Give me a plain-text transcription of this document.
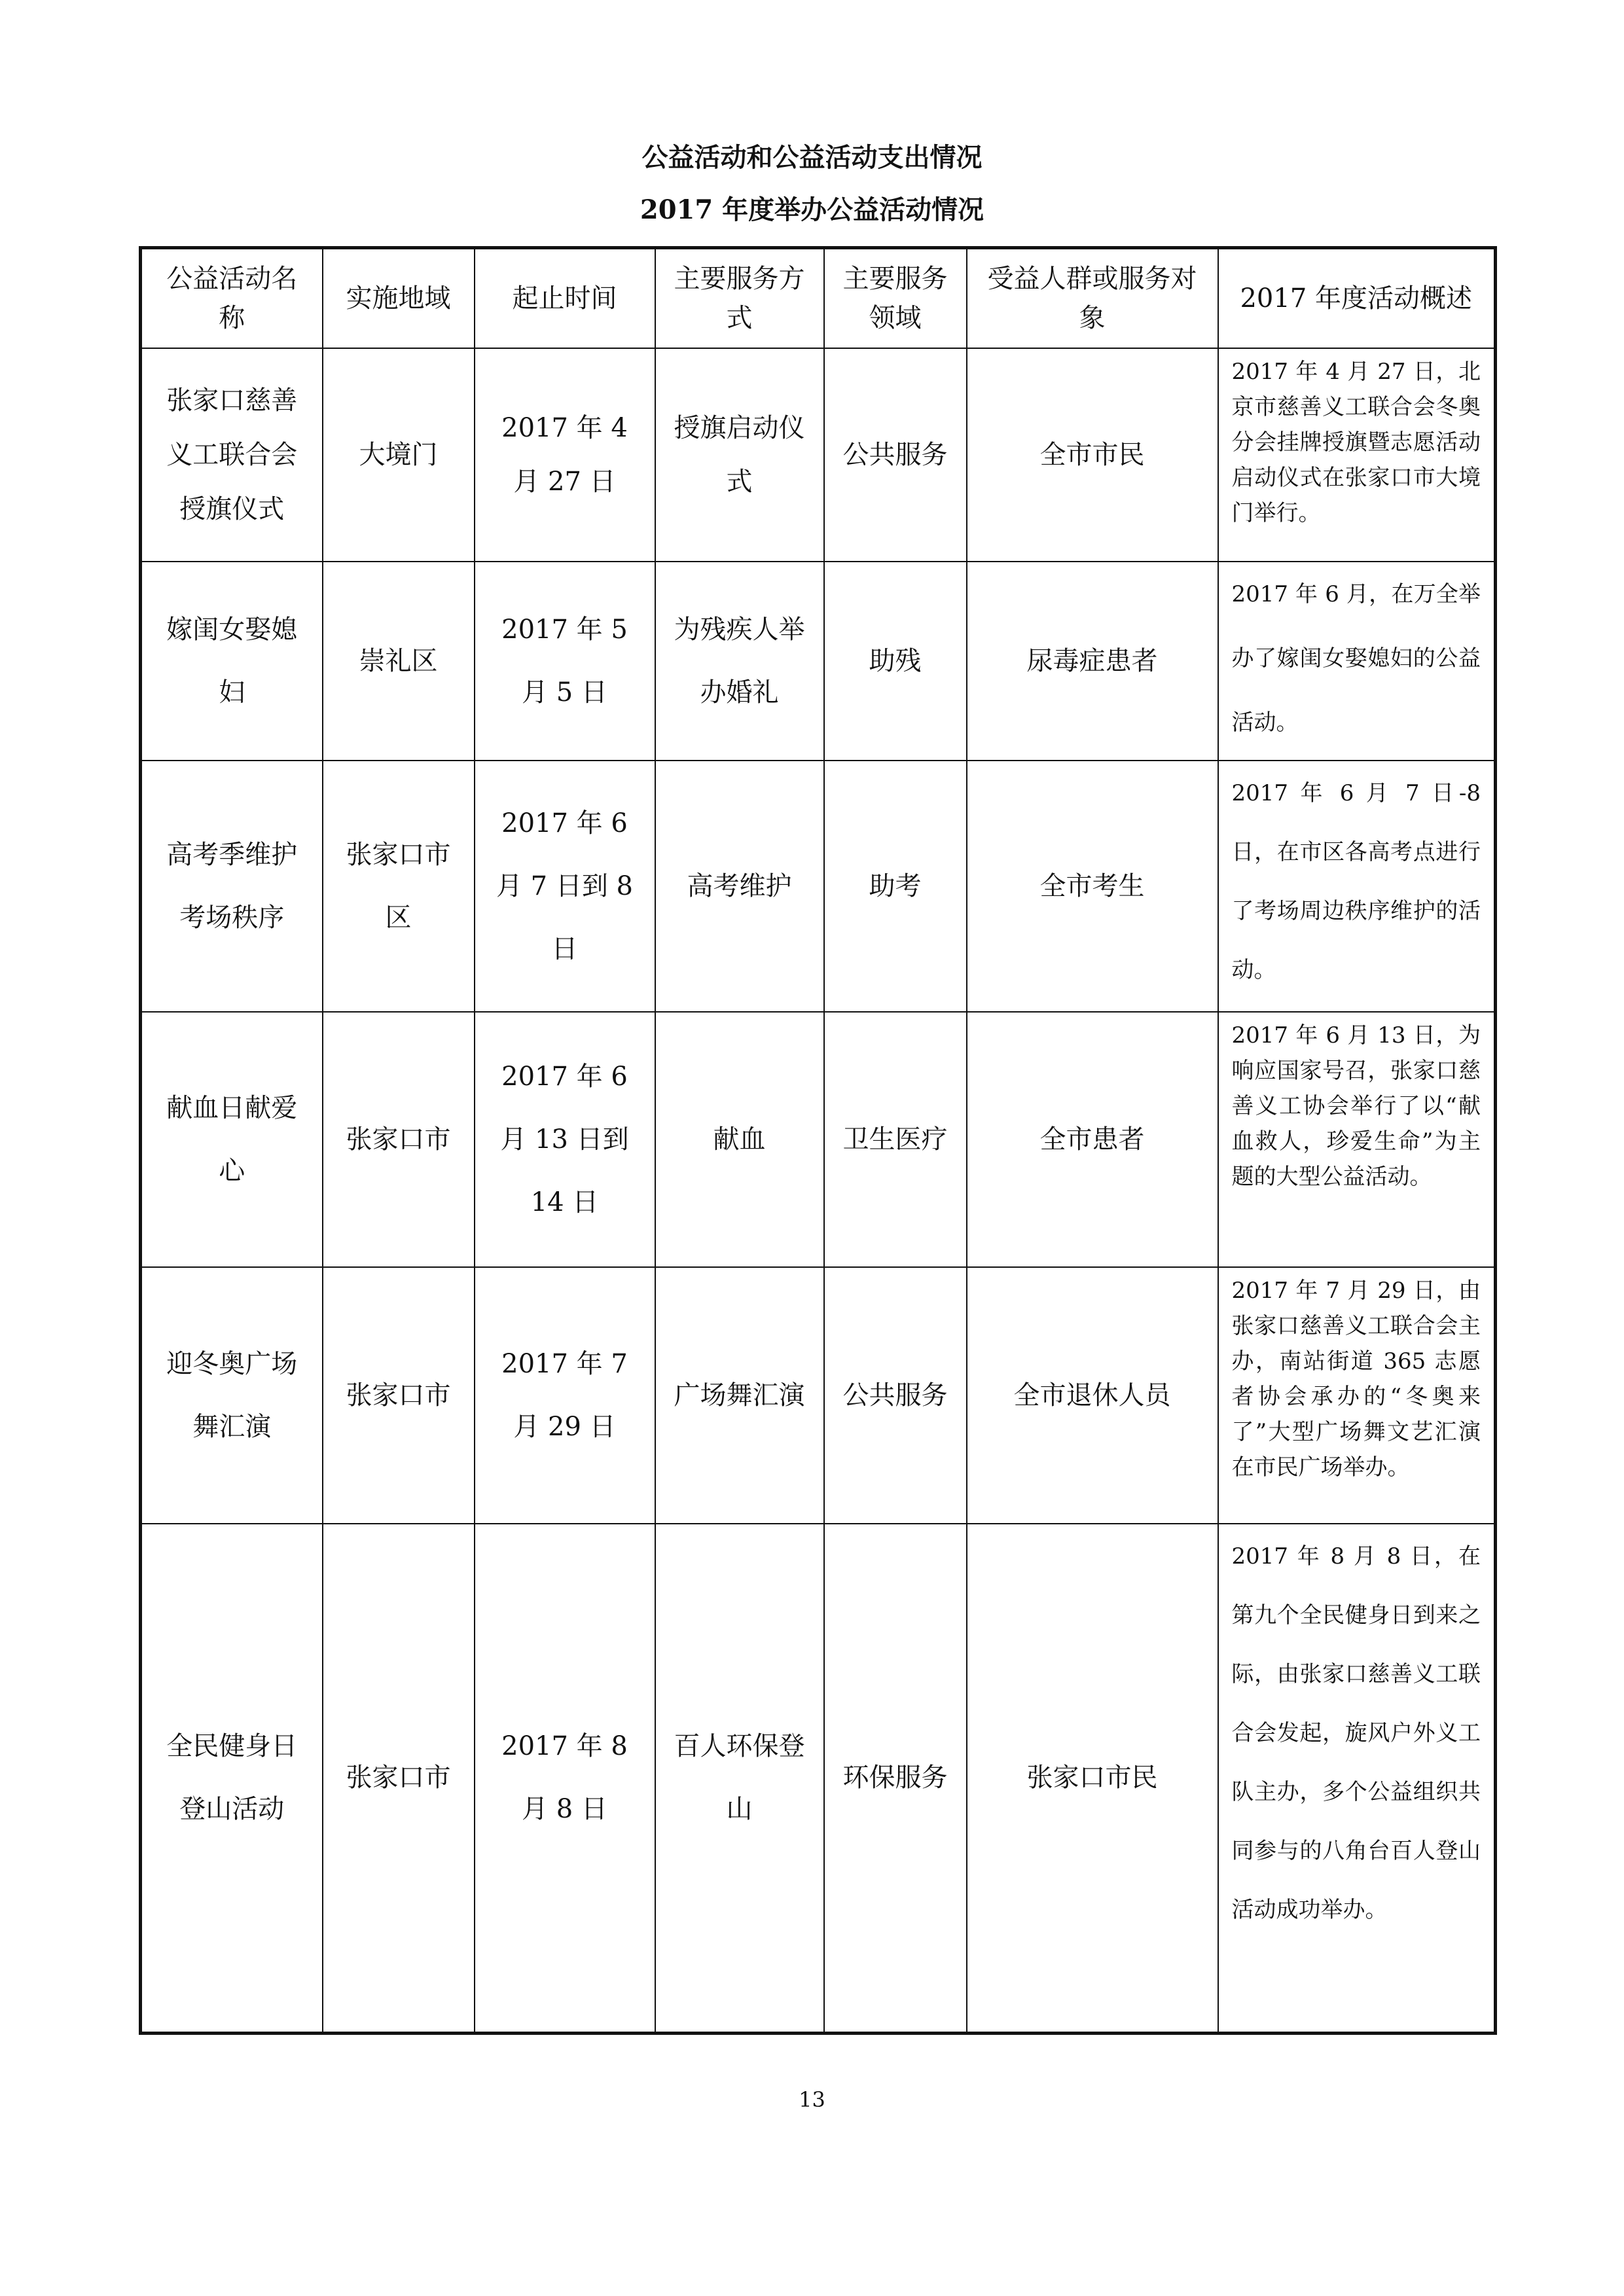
公益活动和公益活动支出情况
2017 年度举办公益活动情况
公益活动名称	实施地域	起止时间	主要服务方式	主要服务领域	受益人群或服务对象	2017 年度活动概述
张家口慈善义工联合会授旗仪式	大境门	2017 年 4 月 27 日	授旗启动仪式	公共服务	全市市民	2017 年 4 月 27 日，北京市慈善义工联合会冬奥分会挂牌授旗暨志愿活动启动仪式在张家口市大境门举行。
嫁闺女娶媳妇	崇礼区	2017 年 5 月 5 日	为残疾人举办婚礼	助残	尿毒症患者	2017 年 6 月，在万全举办了嫁闺女娶媳妇的公益活动。
高考季维护考场秩序	张家口市区	2017 年 6 月 7 日到 8 日	高考维护	助考	全市考生	2017 年 6 月 7 日-8 日，在市区各高考点进行了考场周边秩序维护的活动。
献血日献爱心	张家口市	2017 年 6 月 13 日到 14 日	献血	卫生医疗	全市患者	2017 年 6 月 13 日，为响应国家号召，张家口慈善义工协会举行了以“献血救人，珍爱生命”为主题的大型公益活动。
迎冬奥广场舞汇演	张家口市	2017 年 7 月 29 日	广场舞汇演	公共服务	全市退休人员	2017 年 7 月 29 日，由张家口慈善义工联合会主办，南站街道 365 志愿者协会承办的“冬奥来了”大型广场舞文艺汇演在市民广场举办。
全民健身日登山活动	张家口市	2017 年 8 月 8 日	百人环保登山	环保服务	张家口市民	2017 年 8 月 8 日，在第九个全民健身日到来之际，由张家口慈善义工联合会发起，旋风户外义工队主办，多个公益组织共同参与的八角台百人登山活动成功举办。

13
